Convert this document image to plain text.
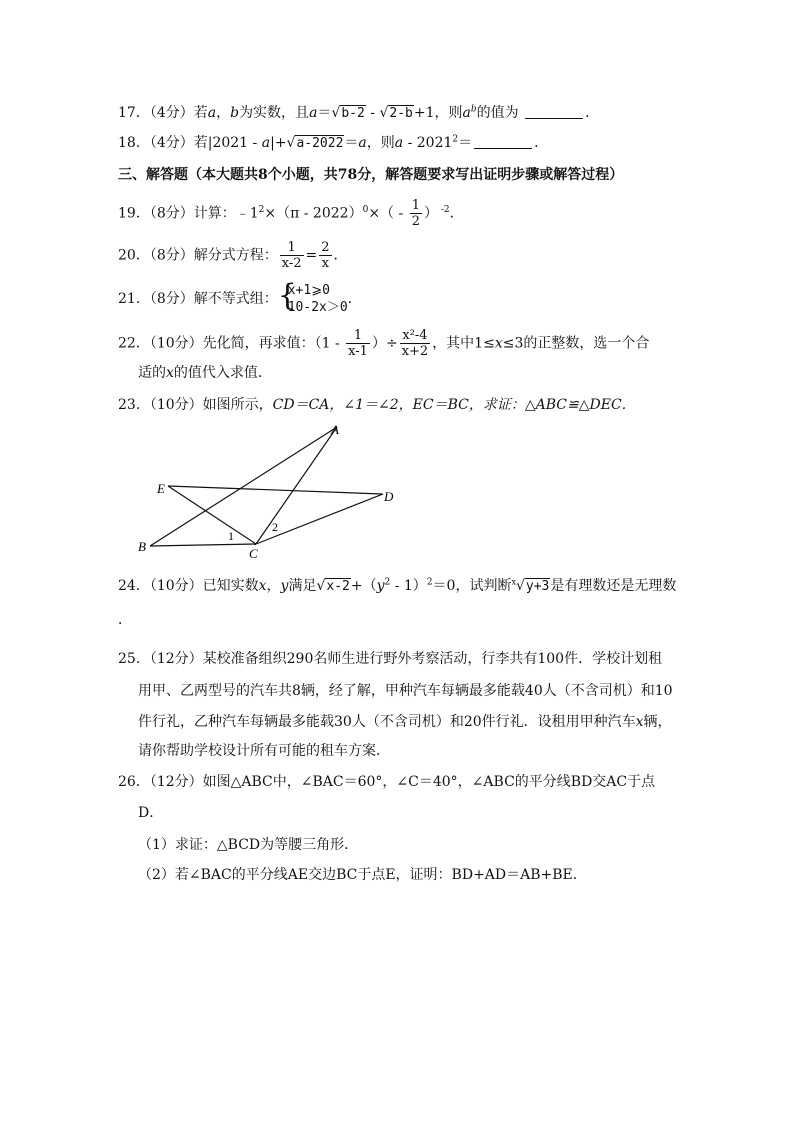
17．（4分）若a，b为实数，且a＝√b-2 - √2-b+1，则$a^b$的值为	．
18．（4分）若|2021 - a|+√a-2022＝a，则$a - 2021^2=$	．
三、解答题（本大题共8个小题，共78分，解答题要求写出证明步骤或解答过程）
19．（8分）计算：$﹣1^2\times(\pi - 2022)^0\times( - \frac{1}{2}$ ） $^{-2}$．
20．（8分）解分式方程： $\frac{1}{x-2} = \frac{2}{x}$ ．
21．（8分）解不等式组： {
x+1⩾0
10-2x＞0
．
22．（10分）先化简，再求值：（$1 - \frac{1}{x-1}$ ）÷ $\frac{\text{x²-4}}{x+2}$ ，其中1≤x≤3的正整数，选一个合
适的x的值代入求值．
23．（10分）如图所示，CD＝CA，∠1＝∠2，EC＝BC，求证：△ABC≌△DEC．
A
B	C
D
E
1
2
24．（10分）已知实数x，y满足$√x-2+(y^2 - 1)^2=0$，试判断$^x$√y+3是有理数还是无理数
．
25．（12分）某校准备组织290名师生进行野外考察活动，行李共有100件．学校计划租
用甲、乙两型号的汽车共8辆，经了解，甲种汽车每辆最多能载40人（不含司机）和10
件行礼，乙种汽车每辆最多能载30人（不含司机）和20件行礼．设租用甲种汽车x辆，
请你帮助学校设计所有可能的租车方案．
26．（12分）如图△ABC中，∠BAC＝60°，∠C＝40°，∠ABC的平分线BD交AC于点
D．
（1）求证：△BCD为等腰三角形．
（2）若∠BAC的平分线AE交边BC于点E，证明：BD+AD＝AB+BE．
